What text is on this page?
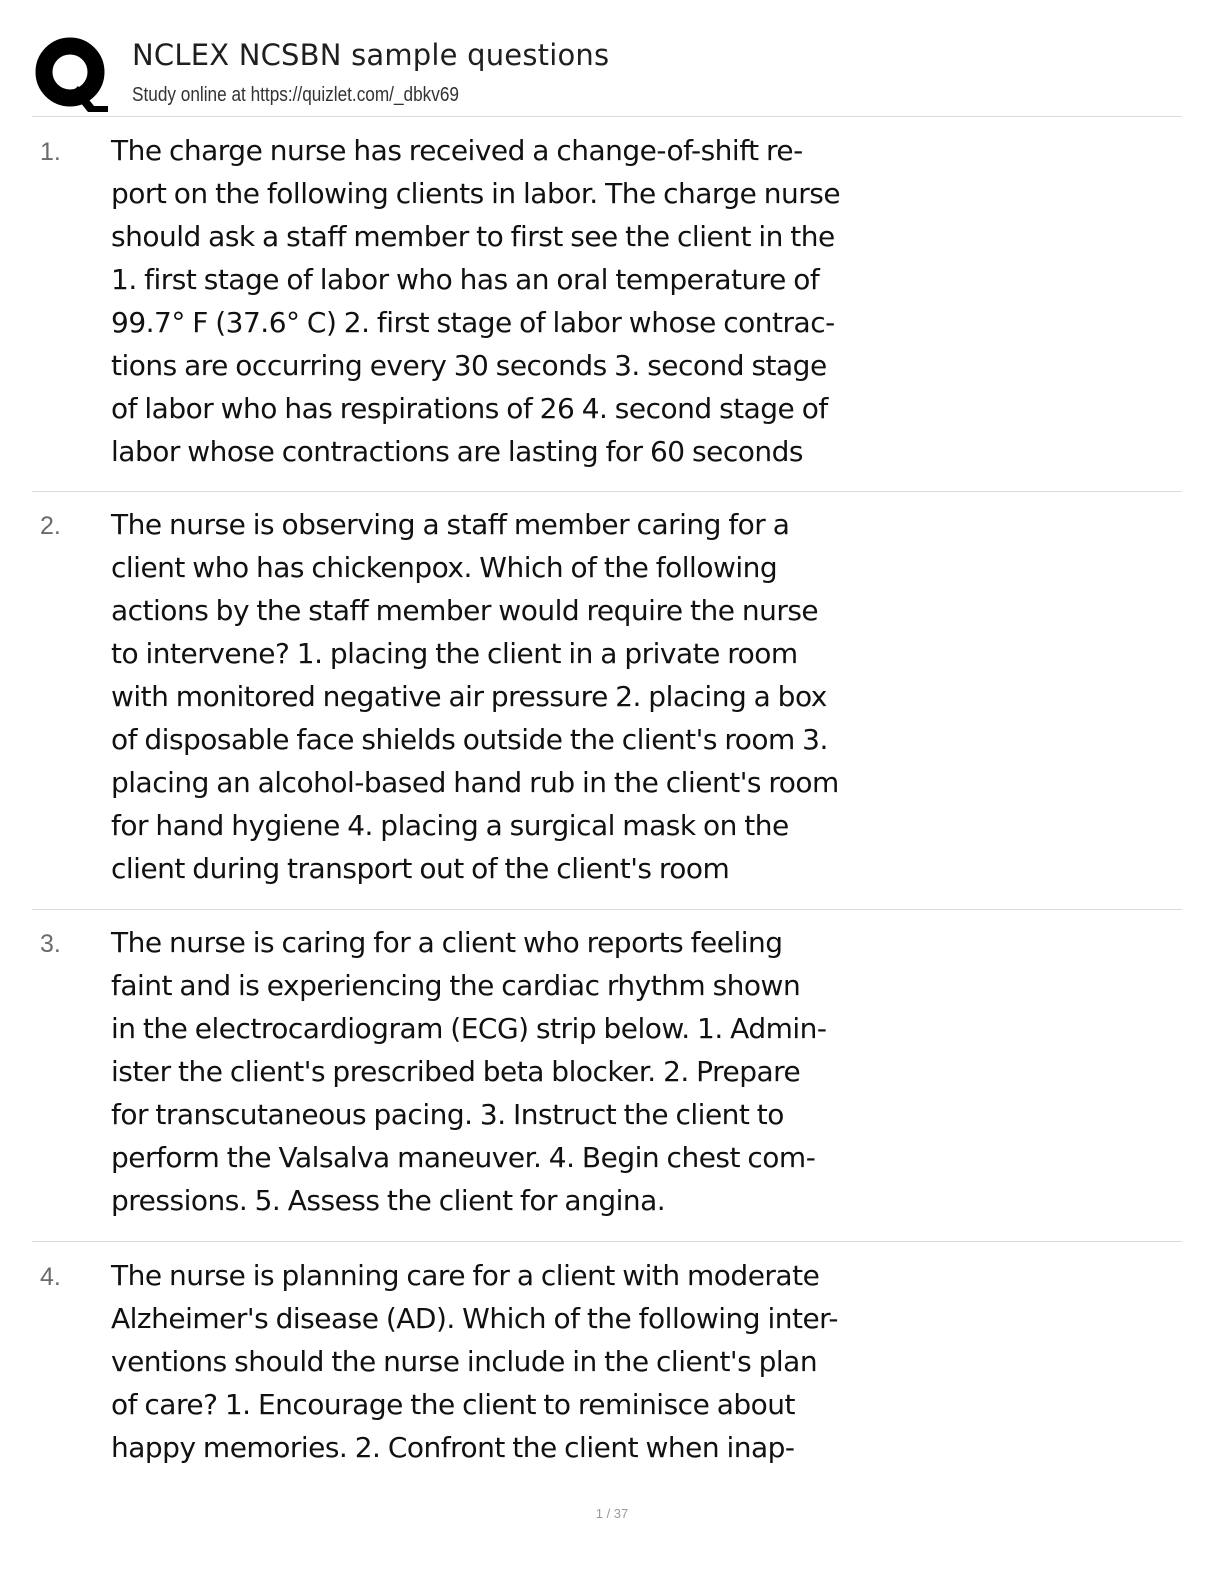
NCLEX NCSBN sample questions
Study online at https://quizlet.com/_dbkv69
1. The charge nurse has received a change-of-shift re-
port on the following clients in labor. The charge nurse
should ask a staff member to first see the client in the
1. first stage of labor who has an oral temperature of
99.7° F (37.6° C) 2. first stage of labor whose contrac-
tions are occurring every 30 seconds 3. second stage
of labor who has respirations of 26 4. second stage of
labor whose contractions are lasting for 60 seconds

2. The nurse is observing a staff member caring for a
client who has chickenpox. Which of the following
actions by the staff member would require the nurse
to intervene? 1. placing the client in a private room
with monitored negative air pressure 2. placing a box
of disposable face shields outside the client's room 3.
placing an alcohol-based hand rub in the client's room
for hand hygiene 4. placing a surgical mask on the
client during transport out of the client's room

3. The nurse is caring for a client who reports feeling
faint and is experiencing the cardiac rhythm shown
in the electrocardiogram (ECG) strip below. 1. Admin-
ister the client's prescribed beta blocker. 2. Prepare
for transcutaneous pacing. 3. Instruct the client to
perform the Valsalva maneuver. 4. Begin chest com-
pressions. 5. Assess the client for angina.

4. The nurse is planning care for a client with moderate
Alzheimer's disease (AD). Which of the following inter-
ventions should the nurse include in the client's plan
of care? 1. Encourage the client to reminisce about
happy memories. 2. Confront the client when inap-

1 / 37
